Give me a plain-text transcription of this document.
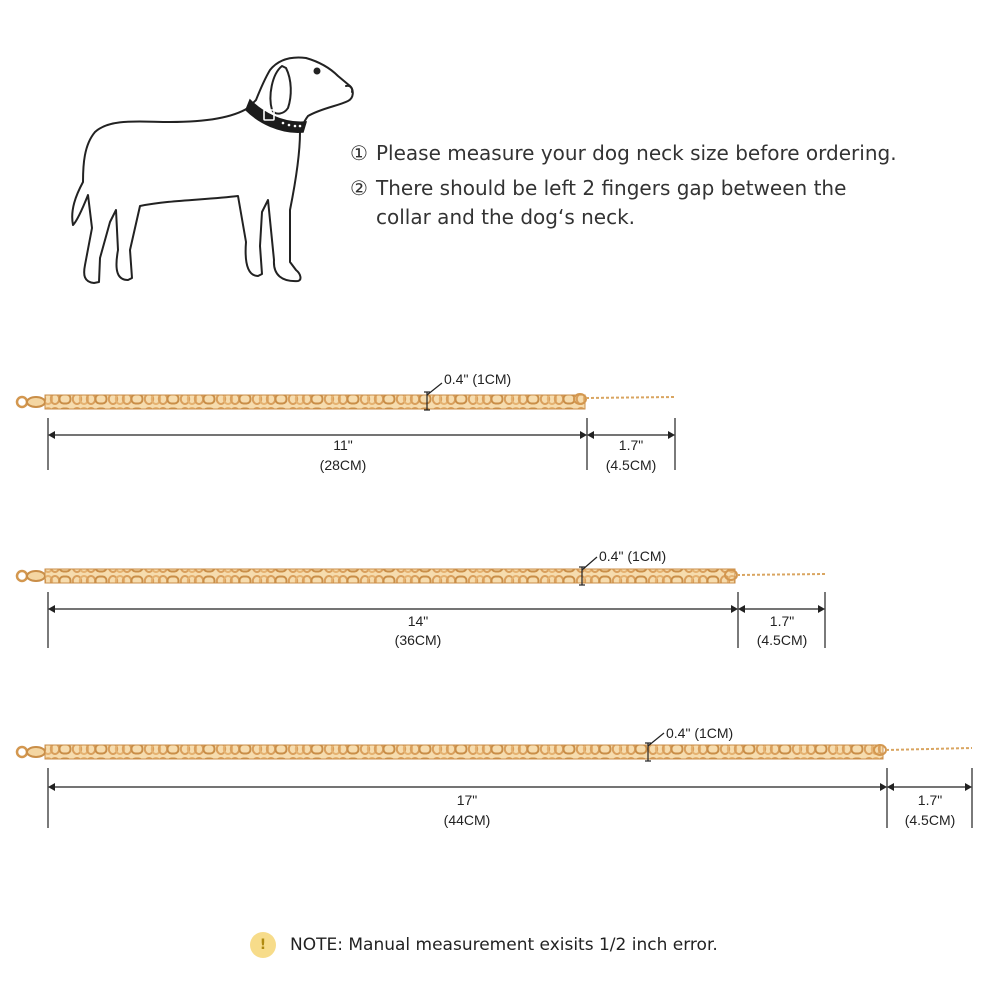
① Please measure your dog neck size before ordering.
② There should be left 2 fingers gap between the
collar and the dog‘s neck.
0.4" (1CM)
11"
(28CM)
1.7"
(4.5CM)
0.4" (1CM)
14"
(36CM)
1.7"
(4.5CM)
0.4" (1CM)
17"
(44CM)
1.7"
(4.5CM)
!	NOTE: Manual measurement exisits 1/2 inch error.
